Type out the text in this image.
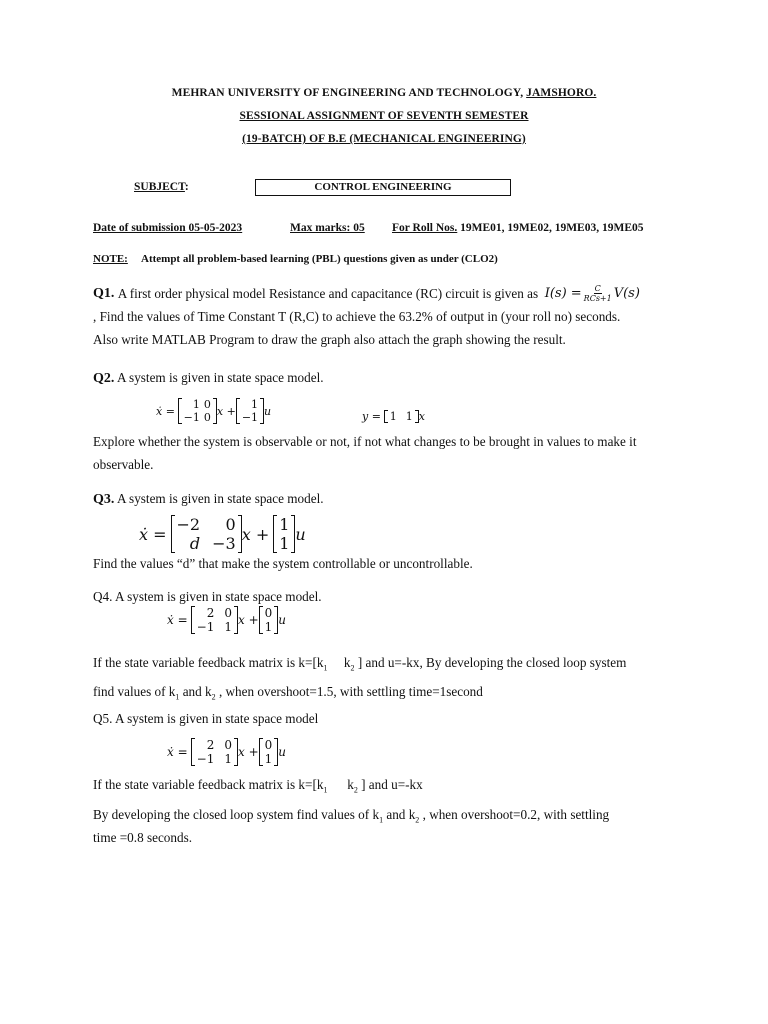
MEHRAN UNIVERSITY OF ENGINEERING AND TECHNOLOGY, JAMSHORO.
SESSIONAL ASSIGNMENT OF SEVENTH SEMESTER
(19-BATCH) OF B.E (MECHANICAL ENGINEERING)
SUBJECT:	CONTROL ENGINEERING
Date of submission 05-05-2023	Max marks: 05 For Roll Nos. 19ME01, 19ME02, 19ME03, 19ME05
NOTE: Attempt all problem-based learning (PBL) questions given as under (CLO2)
Q1.
A first order physical model Resistance and capacitance (RC) circuit is given as
$I(s) = \frac{C}{\text{RCs+1}} V(s)$
, Find the values of Time Constant T (R,C) to achieve the 63.2% of output in (your roll no) seconds.
Also write MATLAB Program to draw the graph also attach the graph showing the result.
Q2. A system is given in state space model.
ẋ =
1	0
−1	0 x + 1
−1 u	y =
1	1 x
Explore whether the system is observable or not, if not what changes to be brought in values to make it
observable.
Q3. A system is given in state space model.
ẋ =
−2	0
d	−3 x +
1
1 u
Find the values “d” that make the system controllable or uncontrollable.
Q4. A system is given in state space model.
ẋ =
2	0
−1	1 x + 0
1 u
If the state variable feedback matrix is $k=[k_1$ $k_2$ ] and u=-kx, By developing the closed loop system
find values of $k_1$ and $k_2$ , when overshoot=1.5, with settling time=1second
Q5. A system is given in state space model
ẋ =
2	0
−1	1 x + 0
1 u
If the state variable feedback matrix is $k=[k_1$ $k_2$ ] and u=-kx
By developing the closed loop system find values of $k_1$ and $k_2$ , when overshoot=0.2, with settling
time =0.8 seconds.
